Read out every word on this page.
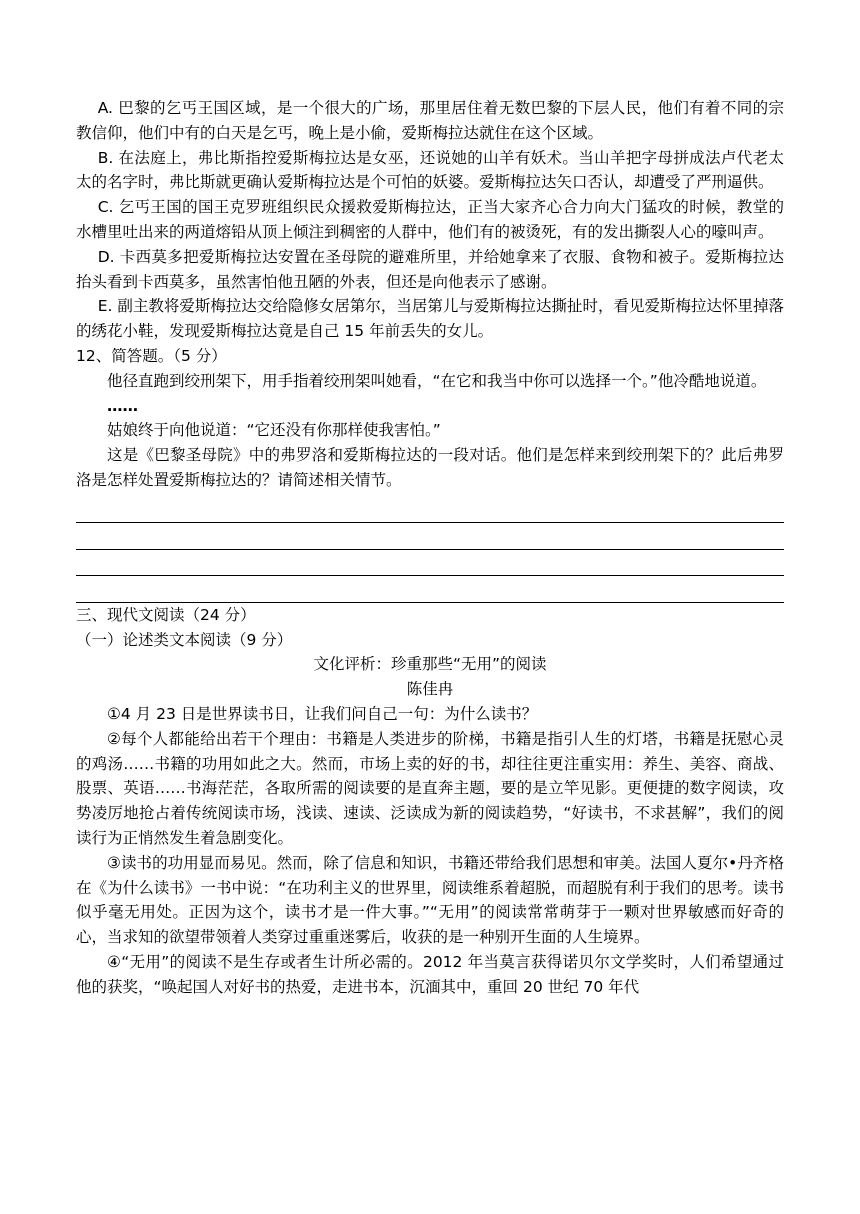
A. 巴黎的乞丐王国区域，是一个很大的广场，那里居住着无数巴黎的下层人民，他们有着不同的宗教信仰，他们中有的白天是乞丐，晚上是小偷，爱斯梅拉达就住在这个区域。

B. 在法庭上，弗比斯指控爱斯梅拉达是女巫，还说她的山羊有妖术。当山羊把字母拼成法卢代老太太的名字时，弗比斯就更确认爱斯梅拉达是个可怕的妖婆。爱斯梅拉达矢口否认，却遭受了严刑逼供。

C. 乞丐王国的国王克罗班组织民众援救爱斯梅拉达，正当大家齐心合力向大门猛攻的时候，教堂的水槽里吐出来的两道熔铅从顶上倾注到稠密的人群中，他们有的被烫死，有的发出撕裂人心的嚎叫声。

D. 卡西莫多把爱斯梅拉达安置在圣母院的避难所里，并给她拿来了衣服、食物和被子。爱斯梅拉达抬头看到卡西莫多，虽然害怕他丑陋的外表，但还是向他表示了感谢。

E. 副主教将爱斯梅拉达交给隐修女居第尔，当居第儿与爱斯梅拉达撕扯时，看见爱斯梅拉达怀里掉落的绣花小鞋，发现爱斯梅拉达竟是自己 15 年前丢失的女儿。

12、简答题。（5 分）

他径直跑到绞刑架下，用手指着绞刑架叫她看，“在它和我当中你可以选择一个。”他冷酷地说道。

……

姑娘终于向他说道：“它还没有你那样使我害怕。”

这是《巴黎圣母院》中的弗罗洛和爱斯梅拉达的一段对话。他们是怎样来到绞刑架下的？此后弗罗洛是怎样处置爱斯梅拉达的？请简述相关情节。

三、现代文阅读（24 分）

（一）论述类文本阅读（9 分）

文化评析：珍重那些“无用”的阅读

陈佳冉

①4 月 23 日是世界读书日，让我们问自己一句：为什么读书？

②每个人都能给出若干个理由：书籍是人类进步的阶梯，书籍是指引人生的灯塔，书籍是抚慰心灵的鸡汤……书籍的功用如此之大。然而，市场上卖的好的书，却往往更注重实用：养生、美容、商战、股票、英语……书海茫茫，各取所需的阅读要的是直奔主题，要的是立竿见影。更便捷的数字阅读，攻势凌厉地抢占着传统阅读市场，浅读、速读、泛读成为新的阅读趋势，“好读书，不求甚解”，我们的阅读行为正悄然发生着急剧变化。

③读书的功用显而易见。然而，除了信息和知识，书籍还带给我们思想和审美。法国人夏尔•丹齐格在《为什么读书》一书中说：“在功利主义的世界里，阅读维系着超脱，而超脱有利于我们的思考。读书似乎毫无用处。正因为这个，读书才是一件大事。”“无用”的阅读常常萌芽于一颗对世界敏感而好奇的心，当求知的欲望带领着人类穿过重重迷雾后，收获的是一种别开生面的人生境界。

④“无用”的阅读不是生存或者生计所必需的。2012 年当莫言获得诺贝尔文学奖时，人们希望通过他的获奖，“唤起国人对好书的热爱，走进书本，沉湎其中，重回 20 世纪 70 年代
